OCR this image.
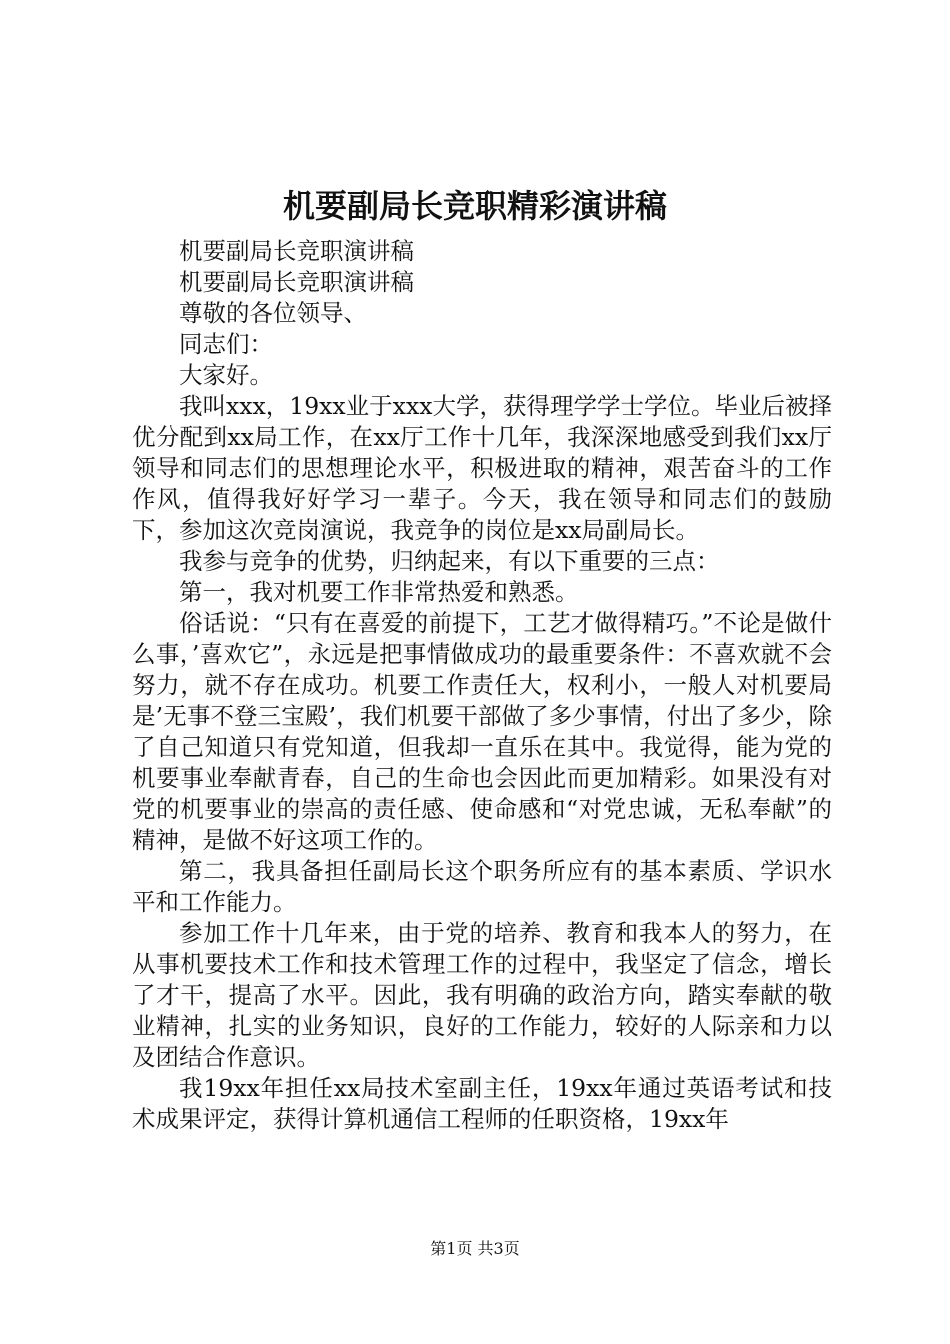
机要副局长竞职精彩演讲稿

机要副局长竞职演讲稿

机要副局长竞职演讲稿

尊敬的各位领导、

同志们：

大家好。

我叫xxx，19xx业于xxx大学，获得理学学士学位。毕业后被择优分配到xx局工作，在xx厅工作十几年，我深深地感受到我们xx厅领导和同志们的思想理论水平，积极进取的精神，艰苦奋斗的工作作风，值得我好好学习一辈子。今天，我在领导和同志们的鼓励下，参加这次竞岗演说，我竞争的岗位是xx局副局长。

我参与竞争的优势，归纳起来，有以下重要的三点：

第一，我对机要工作非常热爱和熟悉。

俗话说：“只有在喜爱的前提下，工艺才做得精巧。”不论是做什么事，’喜欢它”，永远是把事情做成功的最重要条件：不喜欢就不会努力，就不存在成功。机要工作责任大，权利小，一般人对机要局是’无事不登三宝殿’，我们机要干部做了多少事情，付出了多少，除了自己知道只有党知道，但我却一直乐在其中。我觉得，能为党的机要事业奉献青春，自己的生命也会因此而更加精彩。如果没有对党的机要事业的崇高的责任感、使命感和“对党忠诚，无私奉献”的精神，是做不好这项工作的。

第二，我具备担任副局长这个职务所应有的基本素质、学识水平和工作能力。

参加工作十几年来，由于党的培养、教育和我本人的努力，在从事机要技术工作和技术管理工作的过程中，我坚定了信念，增长了才干，提高了水平。因此，我有明确的政治方向，踏实奉献的敬业精神，扎实的业务知识，良好的工作能力，较好的人际亲和力以及团结合作意识。

我19xx年担任xx局技术室副主任，19xx年通过英语考试和技术成果评定，获得计算机通信工程师的任职资格，19xx年

第1页 共3页
